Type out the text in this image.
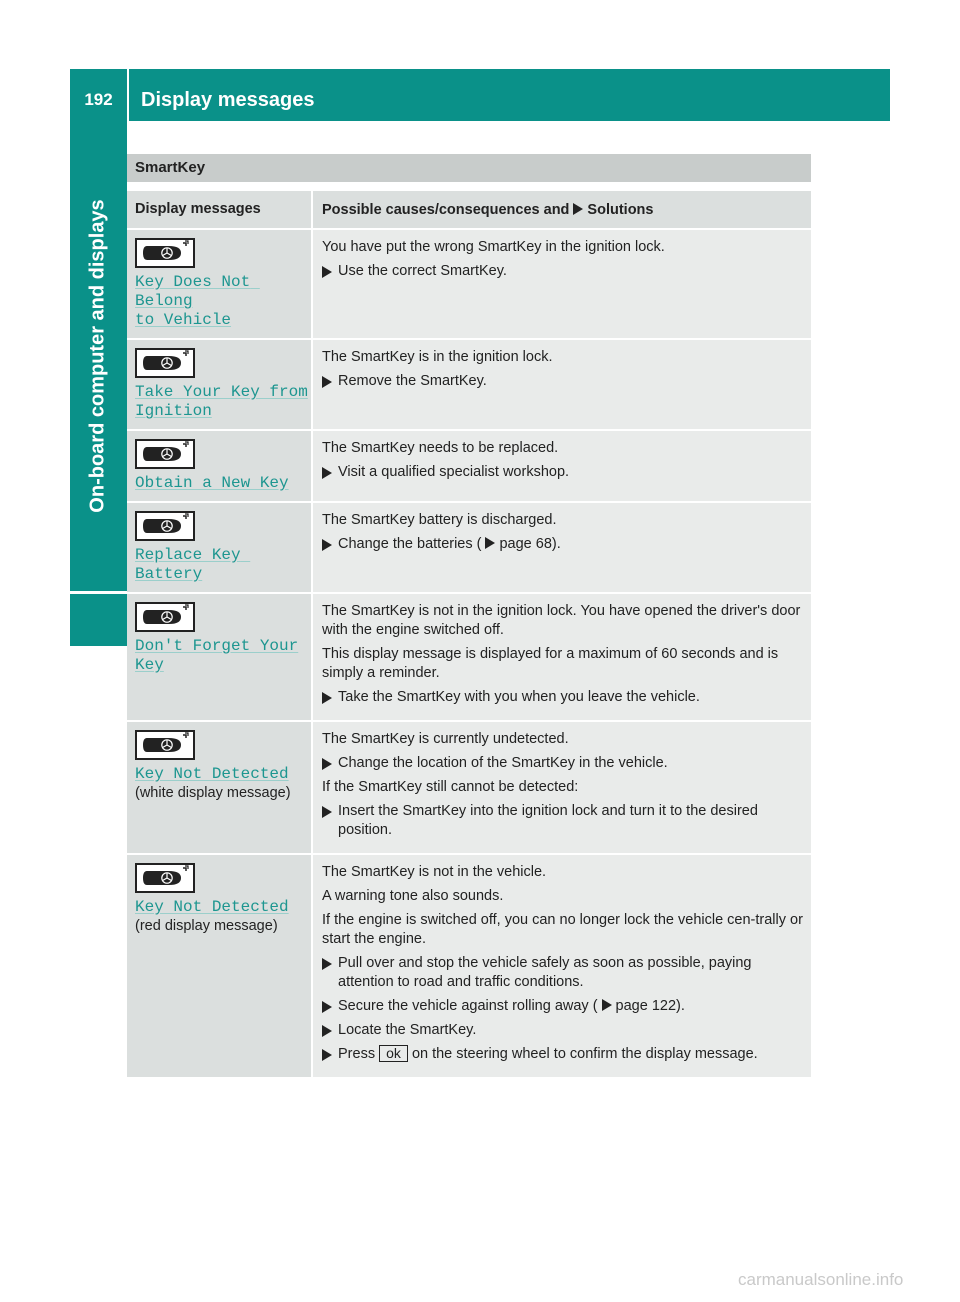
192	Display messages
On-board computer and displays
SmartKey
Display messages	Possible causes/consequences and Solutions
Key Does Not Belong
to Vehicle
You have put the wrong SmartKey in the ignition lock.
Use the correct SmartKey.
Take Your Key from
Ignition
The SmartKey is in the ignition lock.
Remove the SmartKey.
Obtain a New Key
The SmartKey needs to be replaced.
Visit a qualified specialist workshop.
Replace Key Battery
The SmartKey battery is discharged.
Change the batteries ( page 68).
Don't Forget Your
Key
The SmartKey is not in the ignition lock. You have opened the driver's door with the engine switched off.
This display message is displayed for a maximum of 60 seconds and is simply a reminder.
Take the SmartKey with you when you leave the vehicle.
Key Not Detected
(white display message)
The SmartKey is currently undetected.
Change the location of the SmartKey in the vehicle.
If the SmartKey still cannot be detected:
Insert the SmartKey into the ignition lock and turn it to the desired position.
Key Not Detected
(red display message)
The SmartKey is not in the vehicle.
A warning tone also sounds.
If the engine is switched off, you can no longer lock the vehicle cen-trally or start the engine.
Pull over and stop the vehicle safely as soon as possible, paying attention to road and traffic conditions.
Secure the vehicle against rolling away ( page 122).
Locate the SmartKey.
Press ok on the steering wheel to confirm the display message.
carmanualsonline.info
